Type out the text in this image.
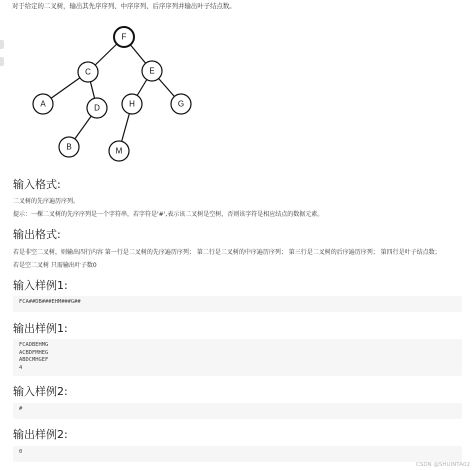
对于给定的二叉树，输出其先序序列、中序序列、后序序列并输出叶子结点数。
F
C	E
A	D	H	G
B	M
输入格式:
二叉树的先序遍历序列。
提示：一棵二叉树的先序序列是一个字符串，若字符是'#',表示该二叉树是空树，否则该字符是相应结点的数据元素。
输出格式:
若是非空二叉树，则输出四行内容 第一行是二叉树的先序遍历序列； 第二行是二叉树的中序遍历序列； 第三行是二叉树的后序遍历序列； 第四行是叶子结点数；
若是空二叉树 只需输出叶子数0
输入样例1:
FCA##DB###EHM###G##
输出样例1:
FCADBEHMG
ACBDFMHEG
ABDCMHGEF
4
输入样例2:
#
输出样例2:
0
CSDN @SHUINTA02
